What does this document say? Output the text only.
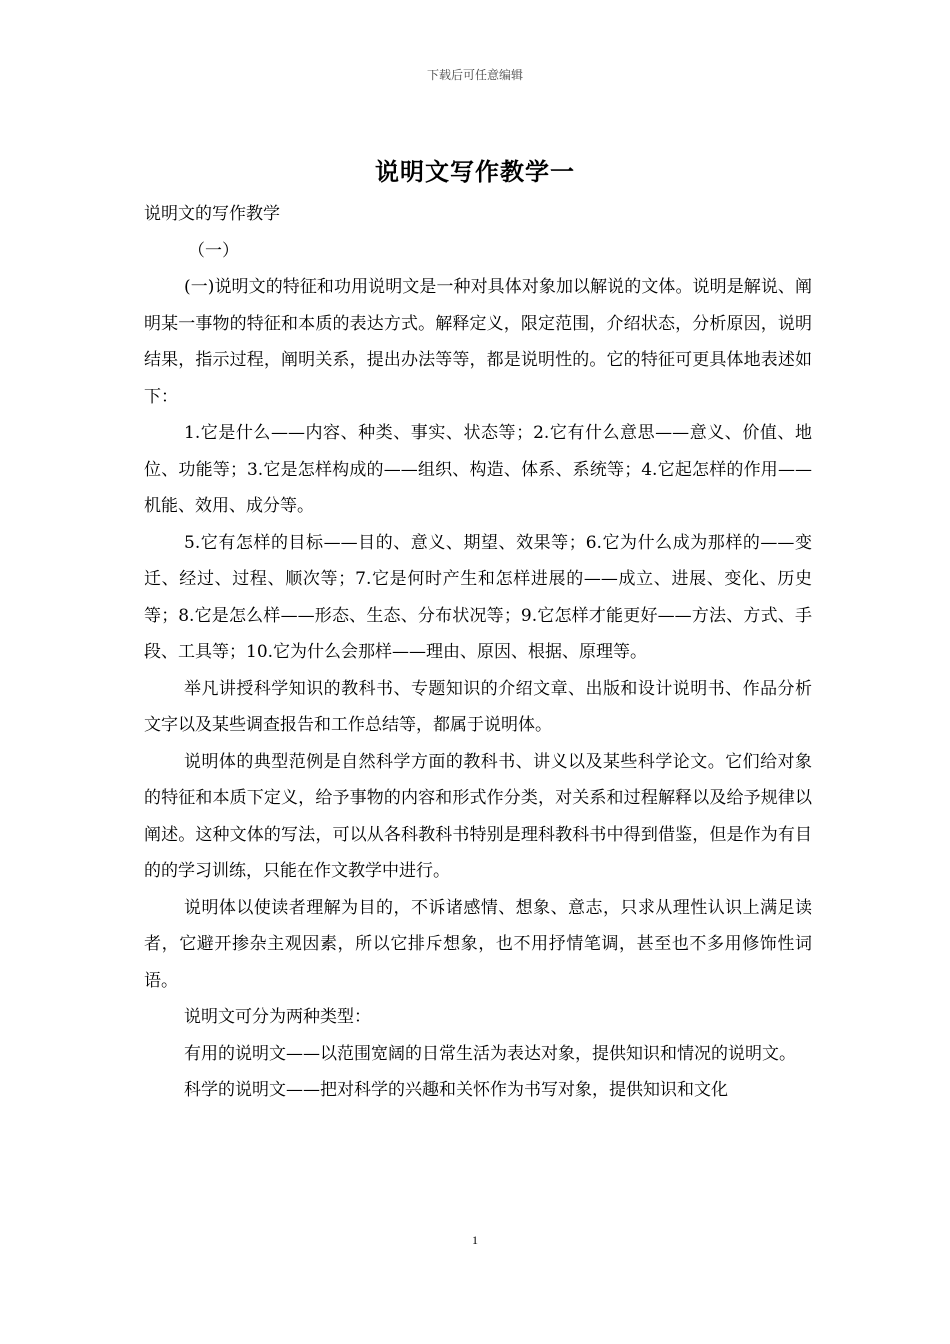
下载后可任意编辑
说明文写作教学一

说明文的写作教学

（一）

(一)说明文的特征和功用说明文是一种对具体对象加以解说的文体。说明是解说、阐明某一事物的特征和本质的表达方式。解释定义，限定范围，介绍状态，分析原因，说明结果，指示过程，阐明关系，提出办法等等，都是说明性的。它的特征可更具体地表述如下：

1.它是什么——内容、种类、事实、状态等；2.它有什么意思——意义、价值、地位、功能等；3.它是怎样构成的——组织、构造、体系、系统等；4.它起怎样的作用——机能、效用、成分等。

5.它有怎样的目标——目的、意义、期望、效果等；6.它为什么成为那样的——变迁、经过、过程、顺次等；7.它是何时产生和怎样进展的——成立、进展、变化、历史等；8.它是怎么样——形态、生态、分布状况等；9.它怎样才能更好——方法、方式、手段、工具等；10.它为什么会那样——理由、原因、根据、原理等。

举凡讲授科学知识的教科书、专题知识的介绍文章、出版和设计说明书、作品分析文字以及某些调查报告和工作总结等，都属于说明体。

说明体的典型范例是自然科学方面的教科书、讲义以及某些科学论文。它们给对象的特征和本质下定义，给予事物的内容和形式作分类，对关系和过程解释以及给予规律以阐述。这种文体的写法，可以从各科教科书特别是理科教科书中得到借鉴，但是作为有目的的学习训练，只能在作文教学中进行。

说明体以使读者理解为目的，不诉诸感情、想象、意志，只求从理性认识上满足读者，它避开掺杂主观因素，所以它排斥想象，也不用抒情笔调，甚至也不多用修饰性词语。

说明文可分为两种类型：

有用的说明文——以范围宽阔的日常生活为表达对象，提供知识和情况的说明文。

科学的说明文——把对科学的兴趣和关怀作为书写对象，提供知识和文化

1
